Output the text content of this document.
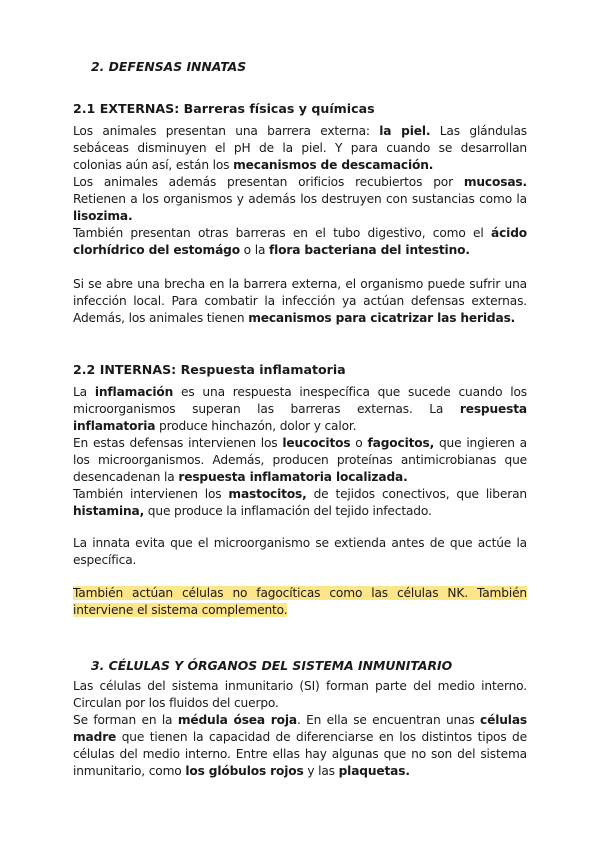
2. DEFENSAS INNATAS
2.1 EXTERNAS: Barreras físicas y químicas

Los animales presentan una barrera externa: la piel. Las glándulas sebáceas disminuyen el pH de la piel. Y para cuando se desarrollan colonias aún así, están los mecanismos de descamación.

Los animales además presentan orificios recubiertos por mucosas. Retienen a los organismos y además los destruyen con sustancias como la lisozima.

También presentan otras barreras en el tubo digestivo, como el ácido clorhídrico del estomágo o la flora bacteriana del intestino.

Si se abre una brecha en la barrera externa, el organismo puede sufrir una infección local. Para combatir la infección ya actúan defensas externas. Además, los animales tienen mecanismos para cicatrizar las heridas.

2.2 INTERNAS: Respuesta inflamatoria

La inflamación es una respuesta inespecífica que sucede cuando los microorganismos superan las barreras externas. La respuesta inflamatoria produce hinchazón, dolor y calor.

En estas defensas intervienen los leucocitos o fagocitos, que ingieren a los microorganismos. Además, producen proteínas antimicrobianas que desencadenan la respuesta inflamatoria localizada.

También intervienen los mastocitos, de tejidos conectivos, que liberan histamina, que produce la inflamación del tejido infectado.

La innata evita que el microorganismo se extienda antes de que actúe la específica.

También actúan células no fagocíticas como las células NK. También interviene el sistema complemento.

3. CÉLULAS Y ÓRGANOS DEL SISTEMA INMUNITARIO

Las células del sistema inmunitario (SI) forman parte del medio interno. Circulan por los fluidos del cuerpo.

Se forman en la médula ósea roja. En ella se encuentran unas células madre que tienen la capacidad de diferenciarse en los distintos tipos de células del medio interno. Entre ellas hay algunas que no son del sistema inmunitario, como los glóbulos rojos y las plaquetas.
